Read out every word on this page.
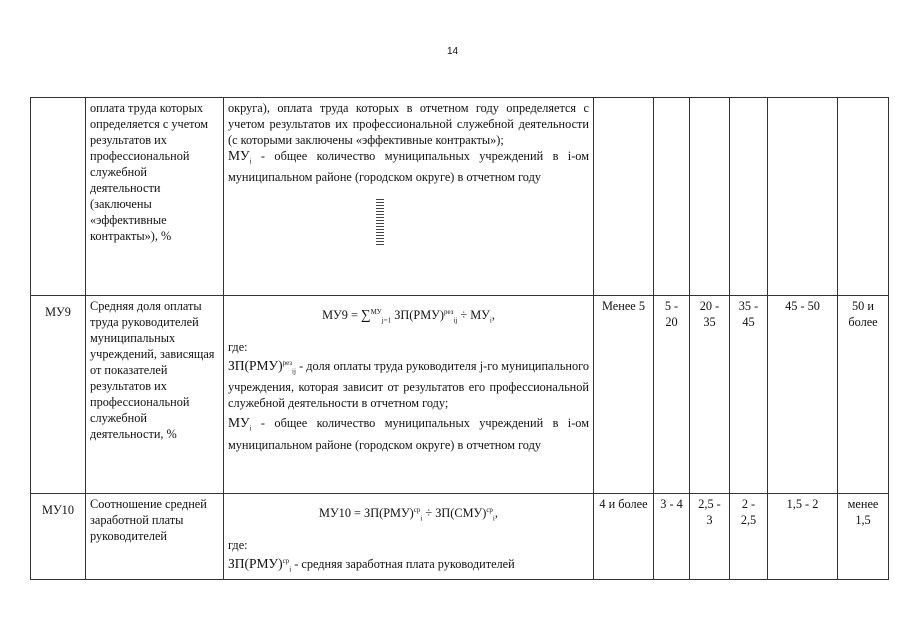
14
	оплата труда которых определяется с учетом результатов их профессиональной служебной деятельности (заключены «эффективные контракты»), %	округа), оплата труда которых в отчетном году определяется с учетом результатов их профессиональной служебной деятельности (с которыми заключены «эффективные контракты»);
$МУ_i$ - общее количество муниципальных учреждений в i-ом муниципальном районе (городском округе) в отчетном году						

МУ9	Средняя доля оплаты труда руководителей муниципальных учреждений, зависящая от показателей результатов их профессиональной служебной деятельности, %	МУ9 = ∑$^{МУ}_{j=1}$ $ЗП(РМУ)^{рез}_{ij} \div МУ_i$,
где:
ЗП(РМУ)$^{рез}_{ij}$ - доля оплаты труда руководителя j-го муниципального учреждения, которая зависит от результатов его профессиональной служебной деятельности в отчетном году;
$МУ_i$ - общее количество муниципальных учреждений в i-ом муниципальном районе (городском округе) в отчетном году	Менее 5	5 - 20	20 - 35	35 - 45	45 - 50	50 и более
МУ10	Соотношение средней заработной платы руководителей	МУ10 = ЗП(РМУ)$^{ср}_i$ ÷ ЗП(СМУ)$^{ср}_i$,
где:
ЗП(РМУ)$^{ср}_i$ - средняя заработная плата руководителей	4 и более	3 - 4	2,5 - 3	2 - 2,5	1,5 - 2	менее 1,5
